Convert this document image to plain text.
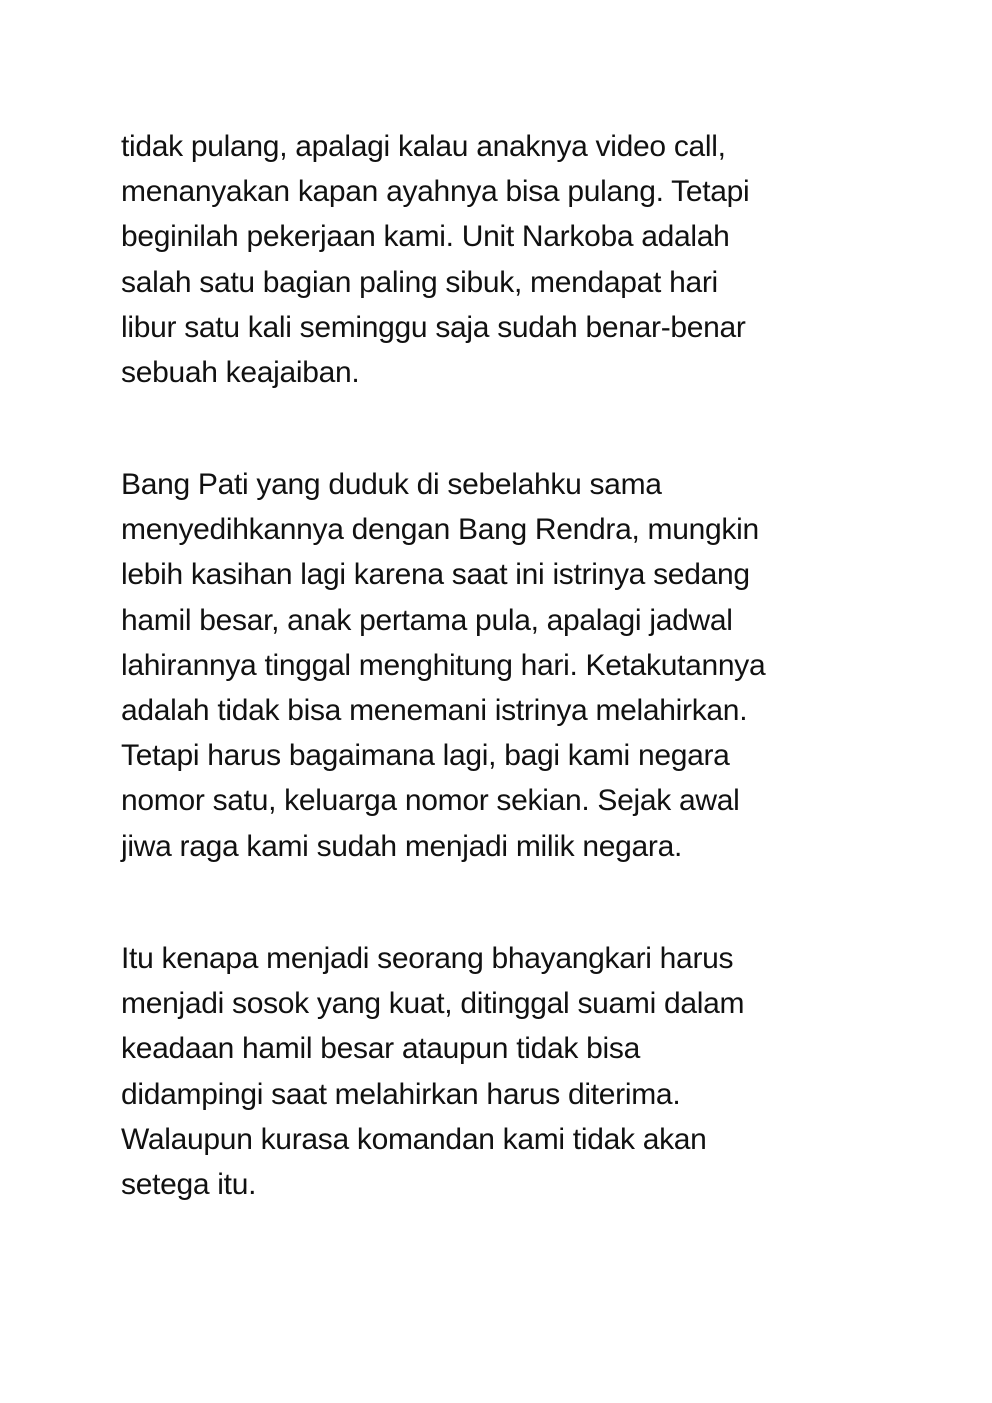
tidak pulang, apalagi kalau anaknya video call,
menanyakan kapan ayahnya bisa pulang. Tetapi
beginilah pekerjaan kami. Unit Narkoba adalah
salah satu bagian paling sibuk, mendapat hari
libur satu kali seminggu saja sudah benar-benar
sebuah keajaiban.
Bang Pati yang duduk di sebelahku sama
menyedihkannya dengan Bang Rendra, mungkin
lebih kasihan lagi karena saat ini istrinya sedang
hamil besar, anak pertama pula, apalagi jadwal
lahirannya tinggal menghitung hari. Ketakutannya
adalah tidak bisa menemani istrinya melahirkan.
Tetapi harus bagaimana lagi, bagi kami negara
nomor satu, keluarga nomor sekian. Sejak awal
jiwa raga kami sudah menjadi milik negara.
Itu kenapa menjadi seorang bhayangkari harus
menjadi sosok yang kuat, ditinggal suami dalam
keadaan hamil besar ataupun tidak bisa
didampingi saat melahirkan harus diterima.
Walaupun kurasa komandan kami tidak akan
setega itu.
